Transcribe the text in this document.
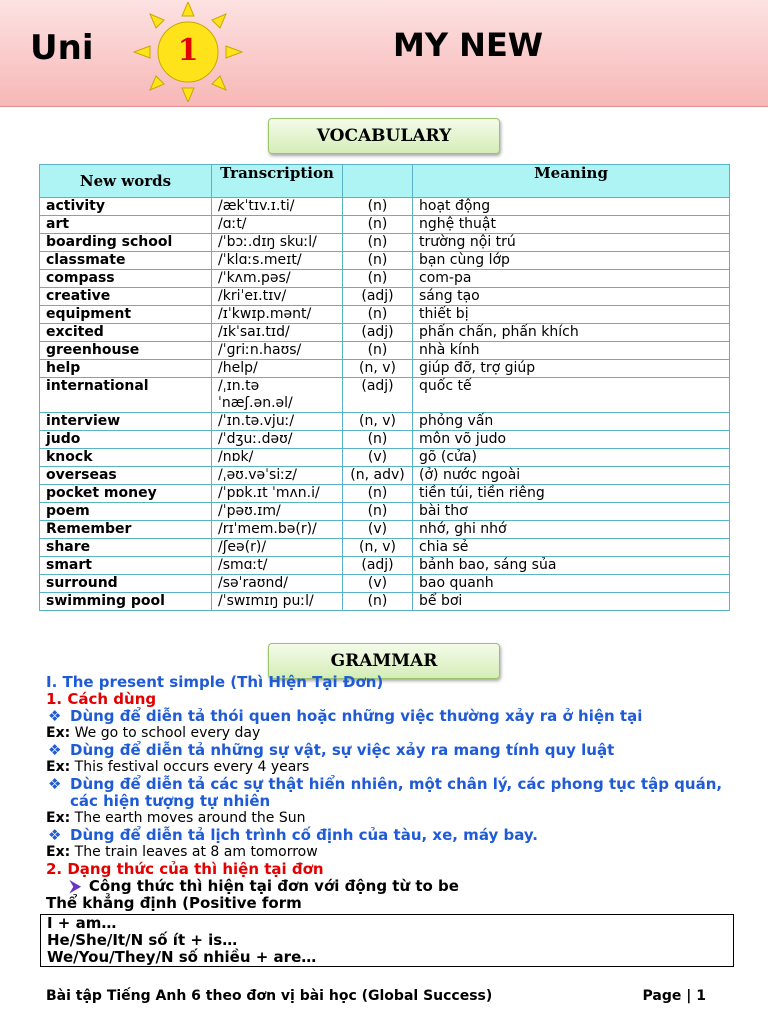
Uni	1	MY NEW
VOCABULARY
New words	Transcription		Meaning
activity	/ækˈtɪv.ɪ.ti/	(n)	hoạt động
art	/ɑːt/	(n)	nghệ thuật
boarding school	/ˈbɔː.dɪŋ skuːl/	(n)	trường nội trú
classmate	/ˈklɑːs.meɪt/	(n)	bạn cùng lớp
compass	/ˈkʌm.pəs/	(n)	com-pa
creative	/kriˈeɪ.tɪv/	(adj)	sáng tạo
equipment	/ɪˈkwɪp.mənt/	(n)	thiết bị
excited	/ɪkˈsaɪ.tɪd/	(adj)	phấn chấn, phấn khích
greenhouse	/ˈɡriːn.haʊs/	(n)	nhà kính
help	/help/	(n, v)	giúp đỡ, trợ giúp
international	/ˌɪn.tə ˈnæʃ.ən.əl/	(adj)	quốc tế
interview	/ˈɪn.tə.vjuː/	(n, v)	phỏng vấn
judo	/ˈdʒuː.dəʊ/	(n)	môn võ judo
knock	/nɒk/	(v)	gõ (cửa)
overseas	/ˌəʊ.vəˈsiːz/	(n, adv)	(ở) nước ngoài
pocket money	/ˈpɒk.ɪt ˈmʌn.i/	(n)	tiền túi, tiền riêng
poem	/ˈpəʊ.ɪm/	(n)	bài thơ
Remember	/rɪˈmem.bə(r)/	(v)	nhớ, ghi nhớ
share	/ʃeə(r)/	(n, v)	chia sẻ
smart	/smɑːt/	(adj)	bảnh bao, sáng sủa
surround	/səˈraʊnd/	(v)	bao quanh
swimming pool	/ˈswɪmɪŋ puːl/	(n)	bể bơi
GRAMMAR
I. The present simple (Thì Hiện Tại Đơn)
1. Cách dùng
❖ Dùng để diễn tả thói quen hoặc những việc thường xảy ra ở hiện tại
Ex: We go to school every day
❖ Dùng để diễn tả những sự vật, sự việc xảy ra mang tính quy luật
Ex: This festival occurs every 4 years
❖ Dùng để diễn tả các sự thật hiển nhiên, một chân lý, các phong tục tập quán, các hiện tượng tự nhiên
Ex: The earth moves around the Sun
❖ Dùng để diễn tả lịch trình cố định của tàu, xe, máy bay.
Ex: The train leaves at 8 am tomorrow
2. Dạng thức của thì hiện tại đơn
⮞ Công thức thì hiện tại đơn với động từ to be
Thể khẳng định (Positive form
I + am…
He/She/It/N số ít + is…
We/You/They/N số nhiều + are…
Bài tập Tiếng Anh 6 theo đơn vị bài học (Global Success)	Page | 1
